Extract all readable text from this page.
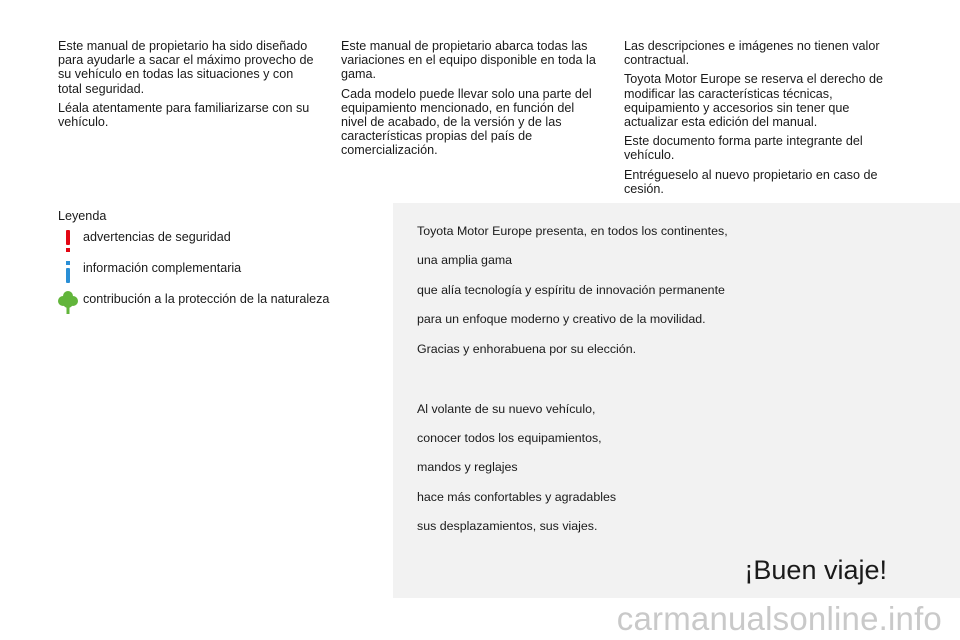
Este manual de propietario ha sido diseñado para ayudarle a sacar el máximo provecho de su vehículo en todas las situaciones y con total seguridad.

Léala atentamente para familiarizarse con su vehículo.

Este manual de propietario abarca todas las variaciones en el equipo disponible en toda la gama.

Cada modelo puede llevar solo una parte del equipamiento mencionado, en función del nivel de acabado, de la versión y de las características propias del país de comercialización.

Las descripciones e imágenes no tienen valor contractual.

Toyota Motor Europe se reserva el derecho de modificar las características técnicas, equipamiento y accesorios sin tener que actualizar esta edición del manual.

Este documento forma parte integrante del vehículo.

Entrégueselo al nuevo propietario en caso de cesión.

Leyenda
advertencias de seguridad
información complementaria
contribución a la protección de la naturaleza
Toyota Motor Europe presenta, en todos los continentes,
una amplia gama
que alía tecnología y espíritu de innovación permanente
para un enfoque moderno y creativo de la movilidad.
Gracias y enhorabuena por su elección.
Al volante de su nuevo vehículo,
conocer todos los equipamientos,
mandos y reglajes
hace más confortables y agradables
sus desplazamientos, sus viajes.
¡Buen viaje!
carmanualsonline.info
